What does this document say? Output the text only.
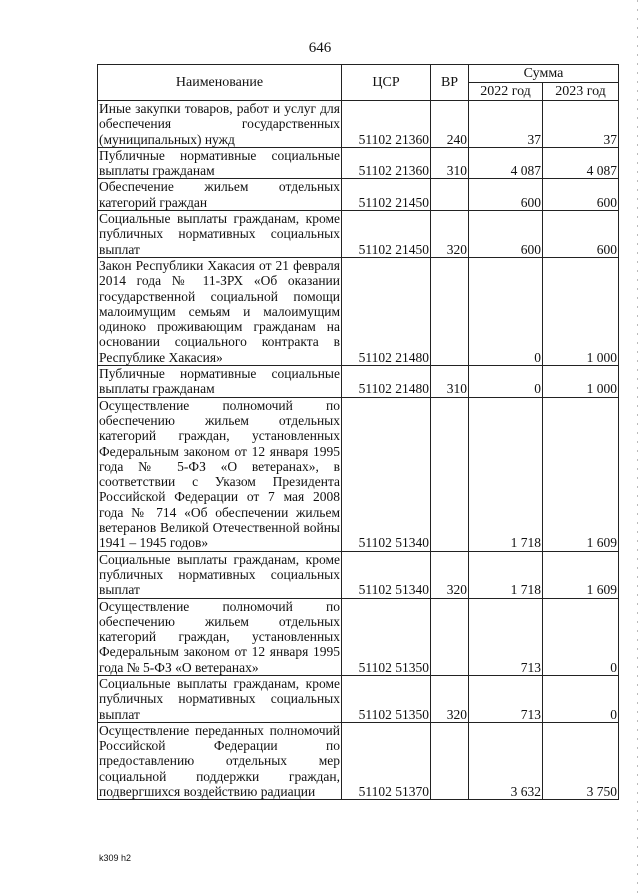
646
Наименование	ЦСР	ВР	Сумма	
			2022 год	2023 год
Иные закупки товаров, работ и услуг для обеспечения государственных (муниципальных) нужд	51102 21360	240	37	37
Публичные нормативные социальные выплаты гражданам	51102 21360	310	4 087	4 087
Обеспечение жильем отдельных категорий граждан	51102 21450		600	600
Социальные выплаты гражданам, кроме публичных нормативных социальных выплат	51102 21450	320	600	600
Закон Республики Хакасия от 21 февраля 2014 года № 11-ЗРХ «Об оказании государственной социальной помощи малоимущим семьям и малоимущим одиноко проживающим гражданам на основании социального контракта в Республике Хакасия»	51102 21480		0	1 000
Публичные нормативные социальные выплаты гражданам	51102 21480	310	0	1 000
Осуществление полномочий по обеспечению жильем отдельных категорий граждан, установленных Федеральным законом от 12 января 1995 года № 5-ФЗ «О ветеранах», в соответствии с Указом Президента Российской Федерации от 7 мая 2008 года № 714 «Об обеспечении жильем ветеранов Великой Отечественной войны 1941 – 1945 годов»	51102 51340		1 718	1 609
Социальные выплаты гражданам, кроме публичных нормативных социальных выплат	51102 51340	320	1 718	1 609
Осуществление полномочий по обеспечению жильем отдельных категорий граждан, установленных Федеральным законом от 12 января 1995 года № 5-ФЗ «О ветеранах»	51102 51350		713	0
Социальные выплаты гражданам, кроме публичных нормативных социальных выплат	51102 51350	320	713	0
Осуществление переданных полномочий Российской Федерации по предоставлению отдельных мер социальной поддержки граждан, подвергшихся воздействию радиации	51102 51370		3 632	3 750
k309 h2
